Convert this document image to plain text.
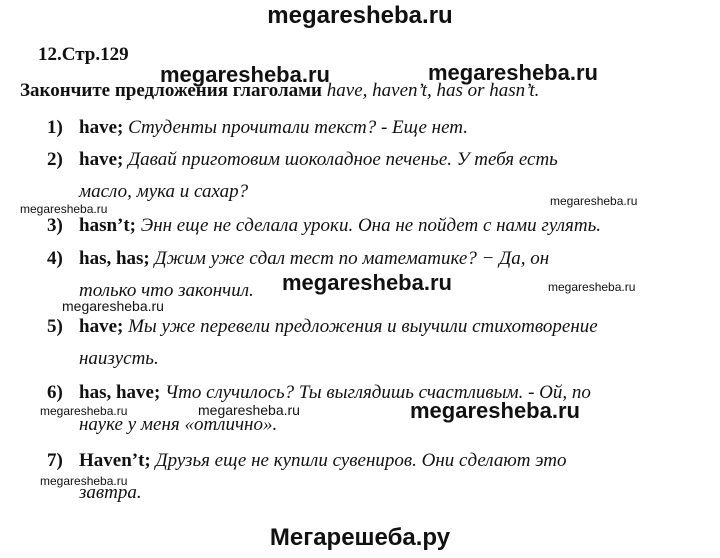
megaresheba.ru
12.Стр.129
megaresheba.ru	megaresheba.ru
Закончите предложения глаголами have, haven’t, has or hasn’t.
1) have; Студенты прочитали текст? - Еще нет.
2) have; Давай приготовим шоколадное печенье. У тебя есть
масло, мука и сахар?	megaresheba.ru
megaresheba.ru
3) hasn’t; Энн еще не сделала уроки. Она не пойдет с нами гулять.
4) has, has; Джим уже сдал тест по математике? − Да, он
только что закончил.	megaresheba.ru	megaresheba.ru
megaresheba.ru
5) have; Мы уже перевели предложения и выучили стихотворение
наизусть.
6) has, have; Что случилось? Ты выглядишь счастливым. - Ой, по
науке у меня «отлично».
megaresheba.ru	megaresheba.ru	megaresheba.ru
7) Haven’t; Друзья еще не купили сувениров. Они сделают это
завтра.
megaresheba.ru
Мегарешеба.ру
